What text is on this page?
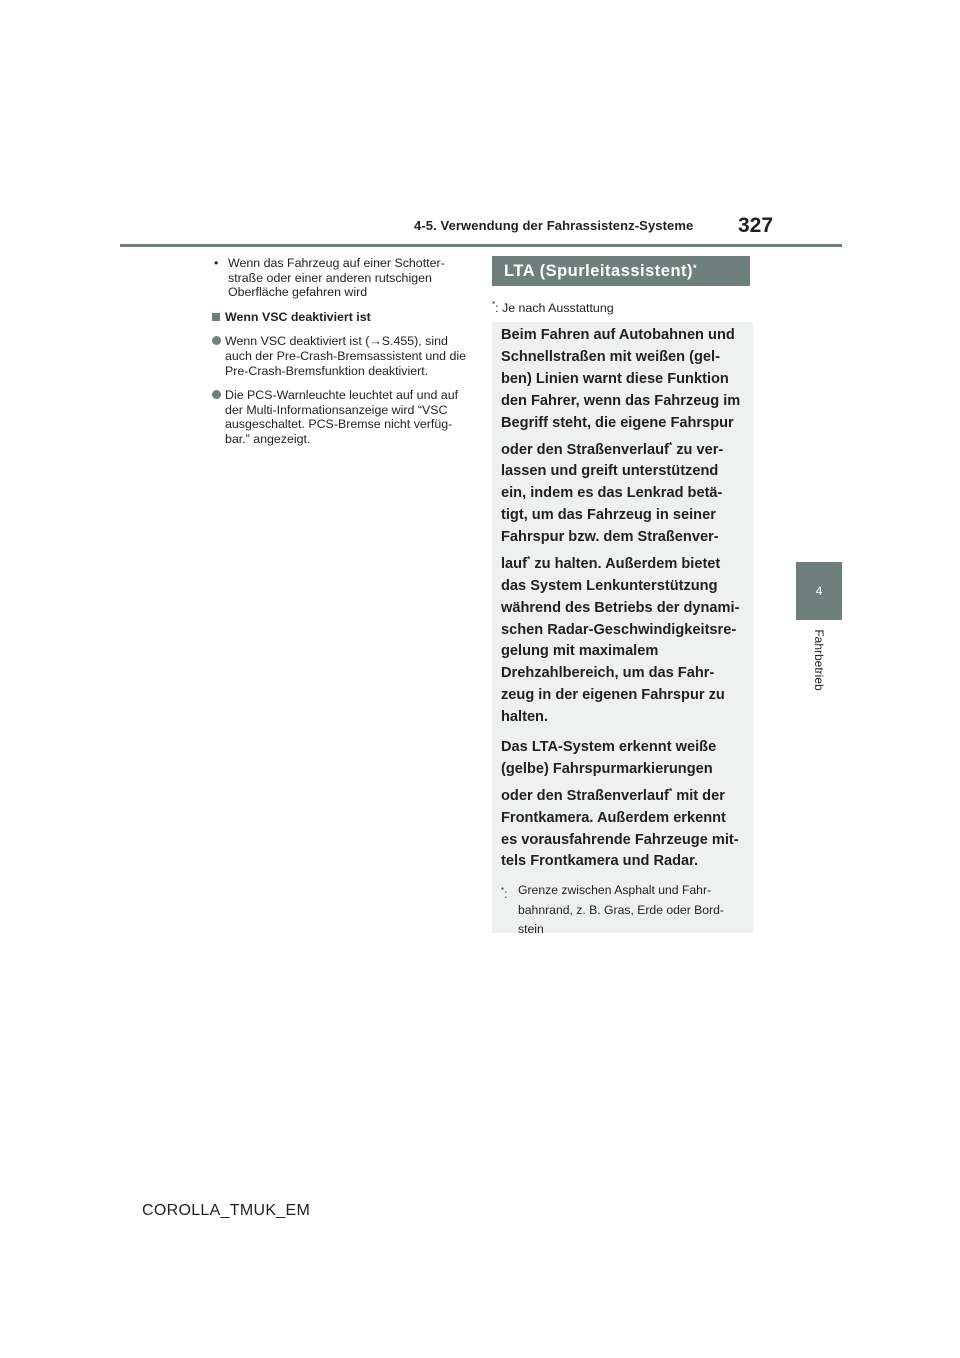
4-5. Verwendung der Fahrassistenz-Systeme 327
4
Fahrbetrieb
• Wenn das Fahrzeug auf einer Schotter-straße oder einer anderen rutschigen Oberfläche gefahren wird
Wenn VSC deaktiviert ist
Wenn VSC deaktiviert ist (→S.455), sind auch der Pre-Crash-Bremsassistent und die Pre-Crash-Bremsfunktion deaktiviert.
Die PCS-Warnleuchte leuchtet auf und auf der Multi-Informationsanzeige wird “VSC ausgeschaltet. PCS-Bremse nicht verfüg-bar.” angezeigt.
LTA (Spurleitassistent)*
*: Je nach Ausstattung

Beim Fahren auf Autobahnen und Schnellstraßen mit weißen (gel-ben) Linien warnt diese Funktion den Fahrer, wenn das Fahrzeug im Begriff steht, die eigene Fahrspur oder den Straßenverlauf* zu ver-lassen und greift unterstützend ein, indem es das Lenkrad betä-tigt, um das Fahrzeug in seiner Fahrspur bzw. dem Straßenver-lauf* zu halten. Außerdem bietet das System Lenkunterstützung während des Betriebs der dynami-schen Radar-Geschwindigkeitsre-gelung mit maximalem Drehzahlbereich, um das Fahr-zeug in der eigenen Fahrspur zu halten.

Das LTA-System erkennt weiße (gelbe) Fahrspurmarkierungen oder den Straßenverlauf* mit der Frontkamera. Außerdem erkennt es vorausfahrende Fahrzeuge mit-tels Frontkamera und Radar.

*: Grenze zwischen Asphalt und Fahr-bahnrand, z. B. Gras, Erde oder Bord-stein
COROLLA_TMUK_EM
